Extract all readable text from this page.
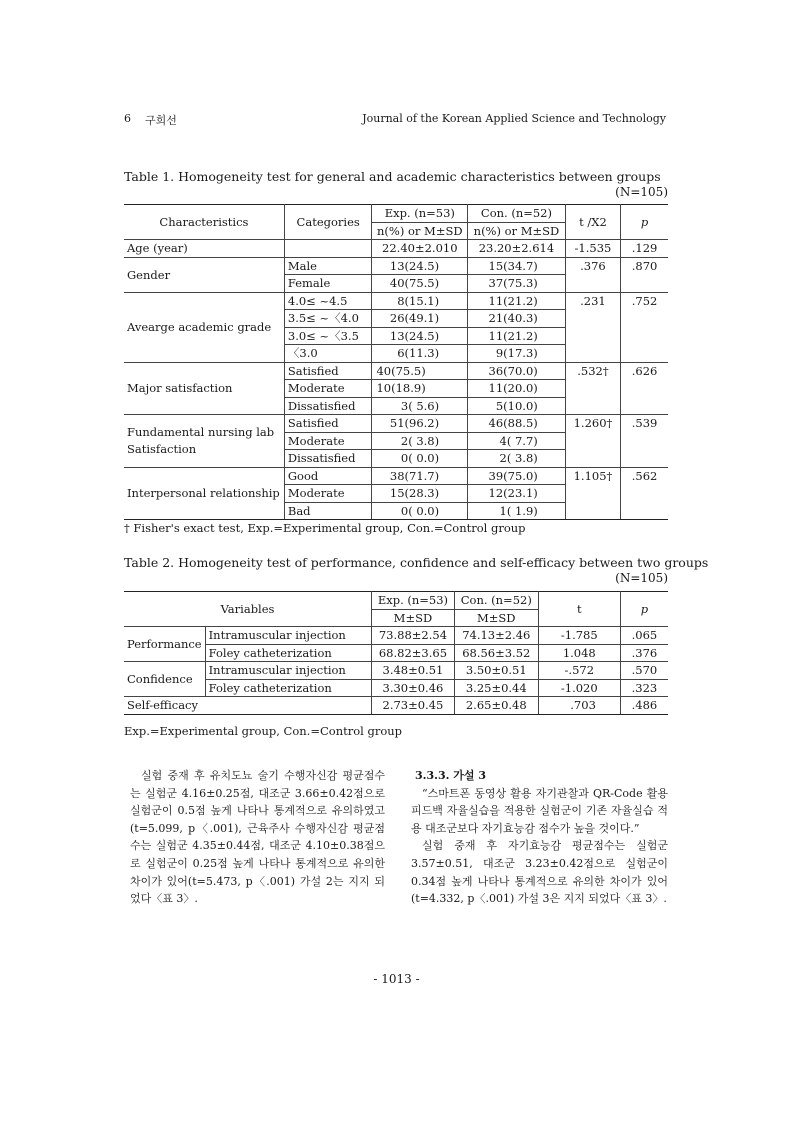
6 구희선	Journal of the Korean Applied Science and Technology
Table 1. Homogeneity test for general and academic characteristics between groups
(N=105)
Characteristics	Categories	Exp. (n=53)	Con. (n=52)	t /X2	p
		n(%) or M±SD	n(%) or M±SD		
Age (year)		22.40±2.010	23.20±2.614	-1.535	.129
Gender	Male	13(24.5)	15(34.7)	.376	.870
	Female	40(75.5)	37(75.3)		
Avearge academic grade	4.0≤ ~4.5	8(15.1)	11(21.2)	.231	.752
	3.5≤ ~〈4.0	26(49.1)	21(40.3)		
	3.0≤ ~〈3.5	13(24.5)	11(21.2)		
	〈3.0	6(11.3)	9(17.3)		
Major satisfaction	Satisfied	40(75.5)	36(70.0)	.532†	.626
	Moderate	10(18.9)	11(20.0)		
	Dissatisfied	3( 5.6)	5(10.0)		

Fundamental nursing lab
Satisfaction	Satisfied	51(96.2)	46(88.5)	1.260†	.539
	Moderate	2( 3.8)	4( 7.7)		
	Dissatisfied	0( 0.0)	2( 3.8)		
Interpersonal relationship	Good	38(71.7)	39(75.0)	1.105†	.562
	Moderate	15(28.3)	12(23.1)		
	Bad	0( 0.0)	1( 1.9)		
† Fisher's exact test, Exp.=Experimental group, Con.=Control group
Table 2. Homogeneity test of performance, confidence and self-efficacy between two groups
(N=105)
Variables		Exp. (n=53)	Con. (n=52)	t	p
		M±SD	M±SD		
Performance	Intramuscular injection	73.88±2.54	74.13±2.46	-1.785	.065
	Foley catheterization	68.82±3.65	68.56±3.52	1.048	.376
Confidence	Intramuscular injection	3.48±0.51	3.50±0.51	-.572	.570
	Foley catheterization	3.30±0.46	3.25±0.44	-1.020	.323
Self-efficacy		2.73±0.45	2.65±0.48	.703	.486
Exp.=Experimental group, Con.=Control group

실험 중재 후 유치도뇨 술기 수행자신감 평균점수는 실험군 4.16±0.25점, 대조군 3.66±0.42점으로 실험군이 0.5점 높게 나타나 통계적으로 유의하였고(t=5.099, p〈.001), 근육주사 수행자신감 평균점수는 실험군 4.35±0.44점, 대조군 4.10±0.38점으로 실험군이 0.25점 높게 나타나 통계적으로 유의한 차이가 있어(t=5.473, p〈.001) 가설 2는 지지 되었다〈표 3〉.

3.3.3. 가설 3

“스마트폰 동영상 활용 자기관찰과 QR-Code 활용 피드백 자율실습을 적용한 실험군이 기존 자율실습 적용 대조군보다 자기효능감 점수가 높을 것이다.”

실험 중재 후 자기효능감 평균점수는 실험군 3.57±0.51, 대조군 3.23±0.42점으로 실험군이 0.34점 높게 나타나 통계적으로 유의한 차이가 있어(t=4.332, p〈.001) 가설 3은 지지 되었다〈표 3〉.

- 1013 -
